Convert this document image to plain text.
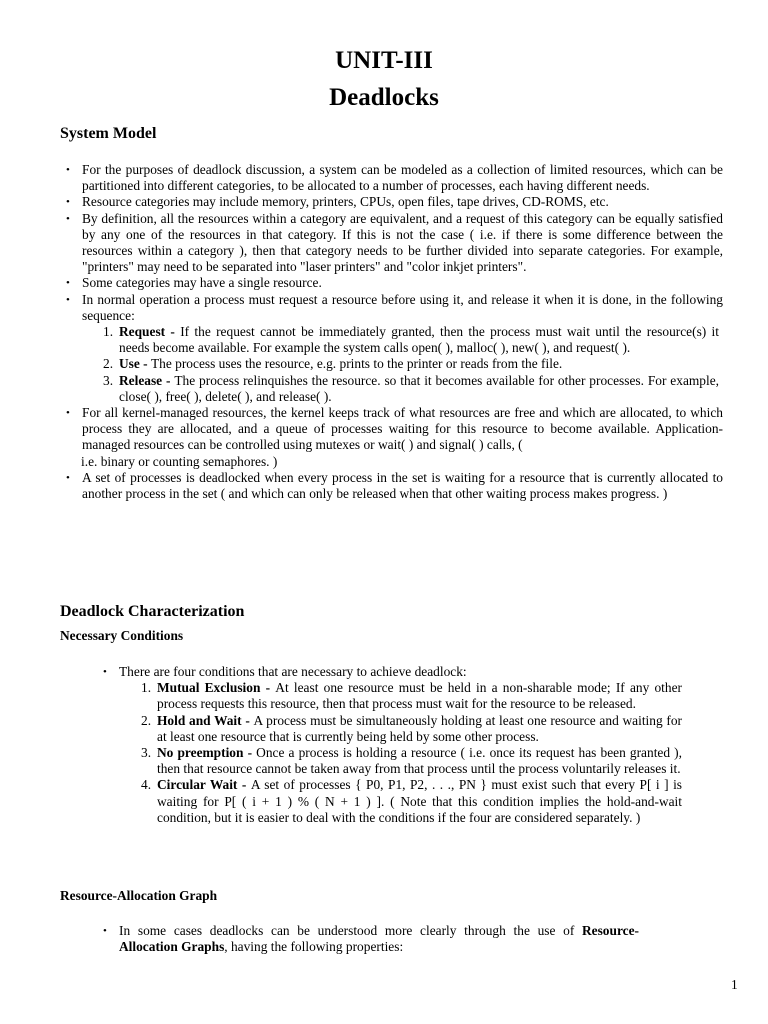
UNIT-III
Deadlocks
System Model
• For the purposes of deadlock discussion, a system can be modeled as a collection of limited resources, which can be partitioned into different categories, to be allocated to a number of processes, each having different needs.
• Resource categories may include memory, printers, CPUs, open files, tape drives, CD-ROMS, etc.
• By definition, all the resources within a category are equivalent, and a request of this category can be equally satisfied by any one of the resources in that category. If this is not the case ( i.e. if there is some difference between the resources within a category ), then that category needs to be further divided into separate categories. For example, "printers" may need to be separated into "laser printers" and "color inkjet printers".
• Some categories may have a single resource.
• In normal operation a process must request a resource before using it, and release it when it is done, in the following sequence:
1. Request - If the request cannot be immediately granted, then the process must wait until the resource(s) it needs become available. For example the system calls open( ), malloc( ), new( ), and request( ).
2. Use - The process uses the resource, e.g. prints to the printer or reads from the file.
3. Release - The process relinquishes the resource. so that it becomes available for other processes. For example, close( ), free( ), delete( ), and release( ).
• For all kernel-managed resources, the kernel keeps track of what resources are free and which are allocated, to which process they are allocated, and a queue of processes waiting for this resource to become available. Application-managed resources can be controlled using mutexes or wait( ) and signal( ) calls, (
i.e. binary or counting semaphores. )
• A set of processes is deadlocked when every process in the set is waiting for a resource that is currently allocated to another process in the set ( and which can only be released when that other waiting process makes progress. )
Deadlock Characterization
Necessary Conditions
• There are four conditions that are necessary to achieve deadlock:
1. Mutual Exclusion - At least one resource must be held in a non-sharable mode; If any other process requests this resource, then that process must wait for the resource to be released.
2. Hold and Wait - A process must be simultaneously holding at least one resource and waiting for at least one resource that is currently being held by some other process.
3. No preemption - Once a process is holding a resource ( i.e. once its request has been granted ), then that resource cannot be taken away from that process until the process voluntarily releases it.
4. Circular Wait - A set of processes { P0, P1, P2, . . ., PN } must exist such that every P[ i ] is waiting for P[ ( i + 1 ) % ( N + 1 ) ]. ( Note that this condition implies the hold-and-wait condition, but it is easier to deal with the conditions if the four are considered separately. )
Resource-Allocation Graph
• In some cases deadlocks can be understood more clearly through the use of Resource-Allocation Graphs, having the following properties:
1
